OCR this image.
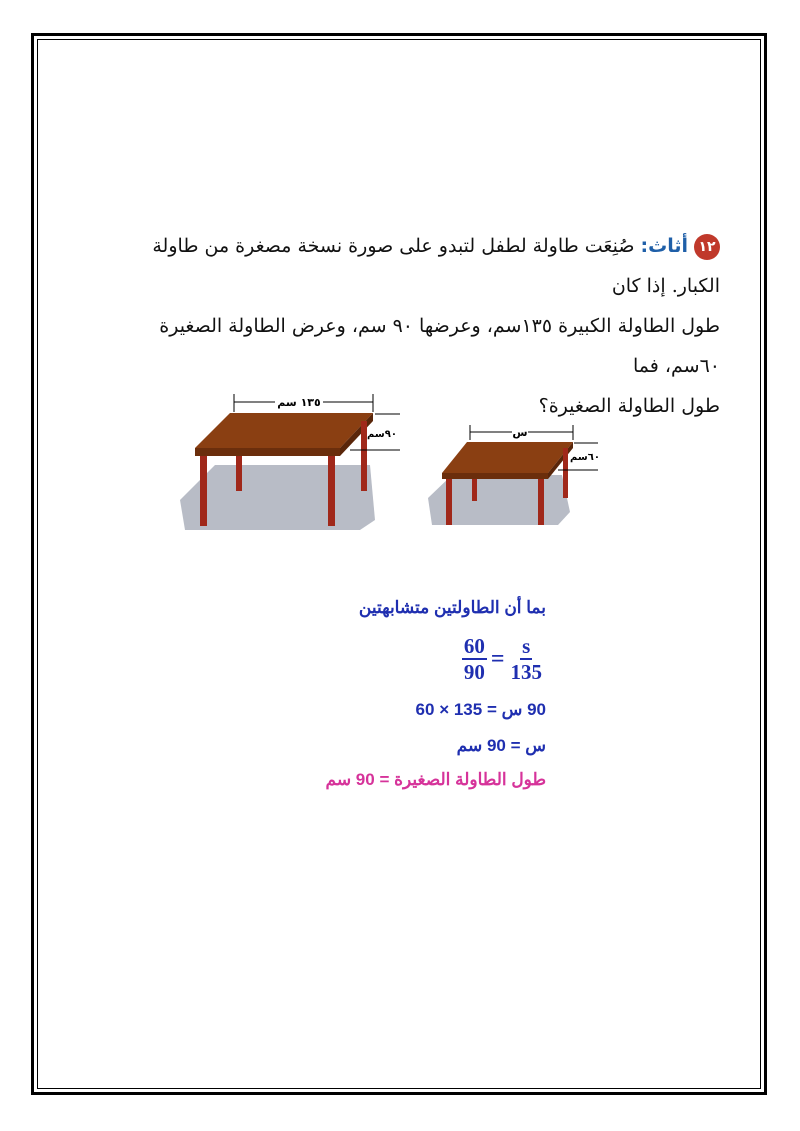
١٢أثاث: صُنِعَت طاولة لطفل لتبدو على صورة نسخة مصغرة من طاولة الكبار. إذا كان
طول الطاولة الكبيرة ١٣٥سم، وعرضها ٩٠ سم، وعرض الطاولة الصغيرة ٦٠سم، فما
طول الطاولة الصغيرة؟
١٣٥ سم
٩٠سم	س
٦٠سم
بما أن الطاولتين متشابهتين
$\frac{60}{90} = \frac{s}{135}$
90 س = 135 × 60
س = 90 سم
طول الطاولة الصغيرة = 90 سم
